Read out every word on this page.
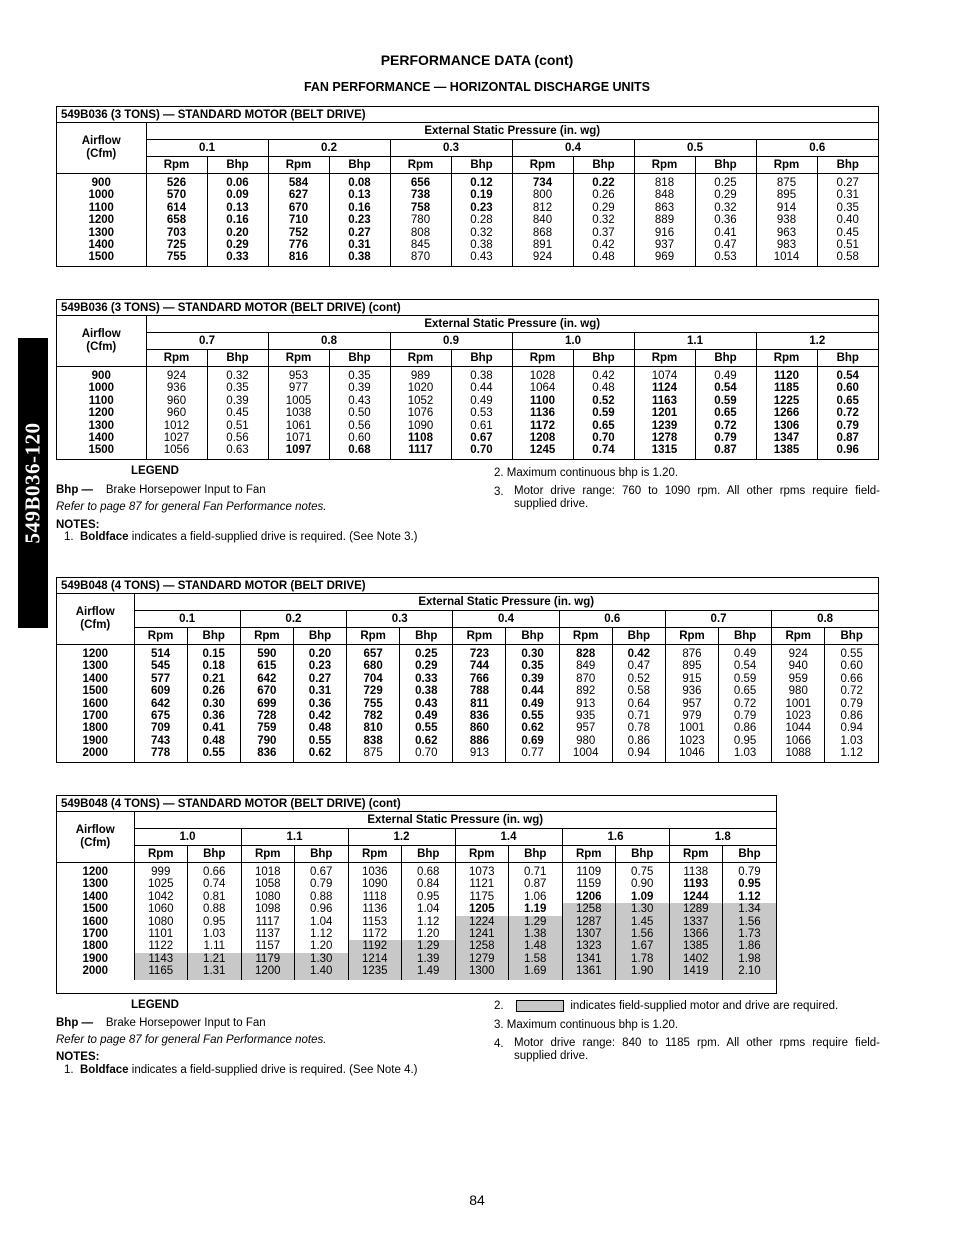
PERFORMANCE DATA (cont)
FAN PERFORMANCE — HORIZONTAL DISCHARGE UNITS
549B036-120
549B036 (3 TONS) — STANDARD MOTOR (BELT DRIVE)
Airflow
(Cfm)	External Static Pressure (in. wg)											
	0.1		0.2		0.3		0.4		0.5		0.6	
	Rpm	Bhp	Rpm	Bhp	Rpm	Bhp	Rpm	Bhp	Rpm	Bhp	Rpm	Bhp
900	526	0.06	584	0.08	656	0.12	734	0.22	818	0.25	875	0.27
1000	570	0.09	627	0.13	738	0.19	800	0.26	848	0.29	895	0.31
1100	614	0.13	670	0.16	758	0.23	812	0.29	863	0.32	914	0.35
1200	658	0.16	710	0.23	780	0.28	840	0.32	889	0.36	938	0.40
1300	703	0.20	752	0.27	808	0.32	868	0.37	916	0.41	963	0.45
1400	725	0.29	776	0.31	845	0.38	891	0.42	937	0.47	983	0.51
1500	755	0.33	816	0.38	870	0.43	924	0.48	969	0.53	1014	0.58
549B036 (3 TONS) — STANDARD MOTOR (BELT DRIVE) (cont)
Airflow
(Cfm)	External Static Pressure (in. wg)											
	0.7		0.8		0.9		1.0		1.1		1.2	
	Rpm	Bhp	Rpm	Bhp	Rpm	Bhp	Rpm	Bhp	Rpm	Bhp	Rpm	Bhp
900	924	0.32	953	0.35	989	0.38	1028	0.42	1074	0.49	1120	0.54
1000	936	0.35	977	0.39	1020	0.44	1064	0.48	1124	0.54	1185	0.60
1100	960	0.39	1005	0.43	1052	0.49	1100	0.52	1163	0.59	1225	0.65
1200	960	0.45	1038	0.50	1076	0.53	1136	0.59	1201	0.65	1266	0.72
1300	1012	0.51	1061	0.56	1090	0.61	1172	0.65	1239	0.72	1306	0.79
1400	1027	0.56	1071	0.60	1108	0.67	1208	0.70	1278	0.79	1347	0.87
1500	1056	0.63	1097	0.68	1117	0.70	1245	0.74	1315	0.87	1385	0.96
LEGEND
Bhp — Brake Horsepower Input to Fan
Refer to page 87 for general Fan Performance notes.
NOTES:
1. Boldface indicates a field-supplied drive is required. (See Note 3.)
2. Maximum continuous bhp is 1.20.
3. Motor drive range: 760 to 1090 rpm. All other rpms require field-supplied drive.
549B048 (4 TONS) — STANDARD MOTOR (BELT DRIVE)
Airflow
(Cfm)	External Static Pressure (in. wg)													
	0.1		0.2		0.3		0.4		0.6		0.7		0.8	
	Rpm	Bhp	Rpm	Bhp	Rpm	Bhp	Rpm	Bhp	Rpm	Bhp	Rpm	Bhp	Rpm	Bhp
1200	514	0.15	590	0.20	657	0.25	723	0.30	828	0.42	876	0.49	924	0.55
1300	545	0.18	615	0.23	680	0.29	744	0.35	849	0.47	895	0.54	940	0.60
1400	577	0.21	642	0.27	704	0.33	766	0.39	870	0.52	915	0.59	959	0.66
1500	609	0.26	670	0.31	729	0.38	788	0.44	892	0.58	936	0.65	980	0.72
1600	642	0.30	699	0.36	755	0.43	811	0.49	913	0.64	957	0.72	1001	0.79
1700	675	0.36	728	0.42	782	0.49	836	0.55	935	0.71	979	0.79	1023	0.86
1800	709	0.41	759	0.48	810	0.55	860	0.62	957	0.78	1001	0.86	1044	0.94
1900	743	0.48	790	0.55	838	0.62	886	0.69	980	0.86	1023	0.95	1066	1.03
2000	778	0.55	836	0.62	875	0.70	913	0.77	1004	0.94	1046	1.03	1088	1.12
549B048 (4 TONS) — STANDARD MOTOR (BELT DRIVE) (cont)
Airflow
(Cfm)	External Static Pressure (in. wg)											
	1.0		1.1		1.2		1.4		1.6		1.8	
	Rpm	Bhp	Rpm	Bhp	Rpm	Bhp	Rpm	Bhp	Rpm	Bhp	Rpm	Bhp
1200	999	0.66	1018	0.67	1036	0.68	1073	0.71	1109	0.75	1138	0.79
1300	1025	0.74	1058	0.79	1090	0.84	1121	0.87	1159	0.90	1193	0.95
1400	1042	0.81	1080	0.88	1118	0.95	1175	1.06	1206	1.09	1244	1.12
1500	1060	0.88	1098	0.96	1136	1.04	1205	1.19	1258	1.30	1289	1.34
1600	1080	0.95	1117	1.04	1153	1.12	1224	1.29	1287	1.45	1337	1.56
1700	1101	1.03	1137	1.12	1172	1.20	1241	1.38	1307	1.56	1366	1.73
1800	1122	1.11	1157	1.20	1192	1.29	1258	1.48	1323	1.67	1385	1.86
1900	1143	1.21	1179	1.30	1214	1.39	1279	1.58	1341	1.78	1402	1.98
2000	1165	1.31	1200	1.40	1235	1.49	1300	1.69	1361	1.90	1419	2.10
LEGEND
Bhp — Brake Horsepower Input to Fan
Refer to page 87 for general Fan Performance notes.
NOTES:
1. Boldface indicates a field-supplied drive is required. (See Note 4.)
2.	indicates field-supplied motor and drive are required.
3. Maximum continuous bhp is 1.20.
4. Motor drive range: 840 to 1185 rpm. All other rpms require field-supplied drive.
84
